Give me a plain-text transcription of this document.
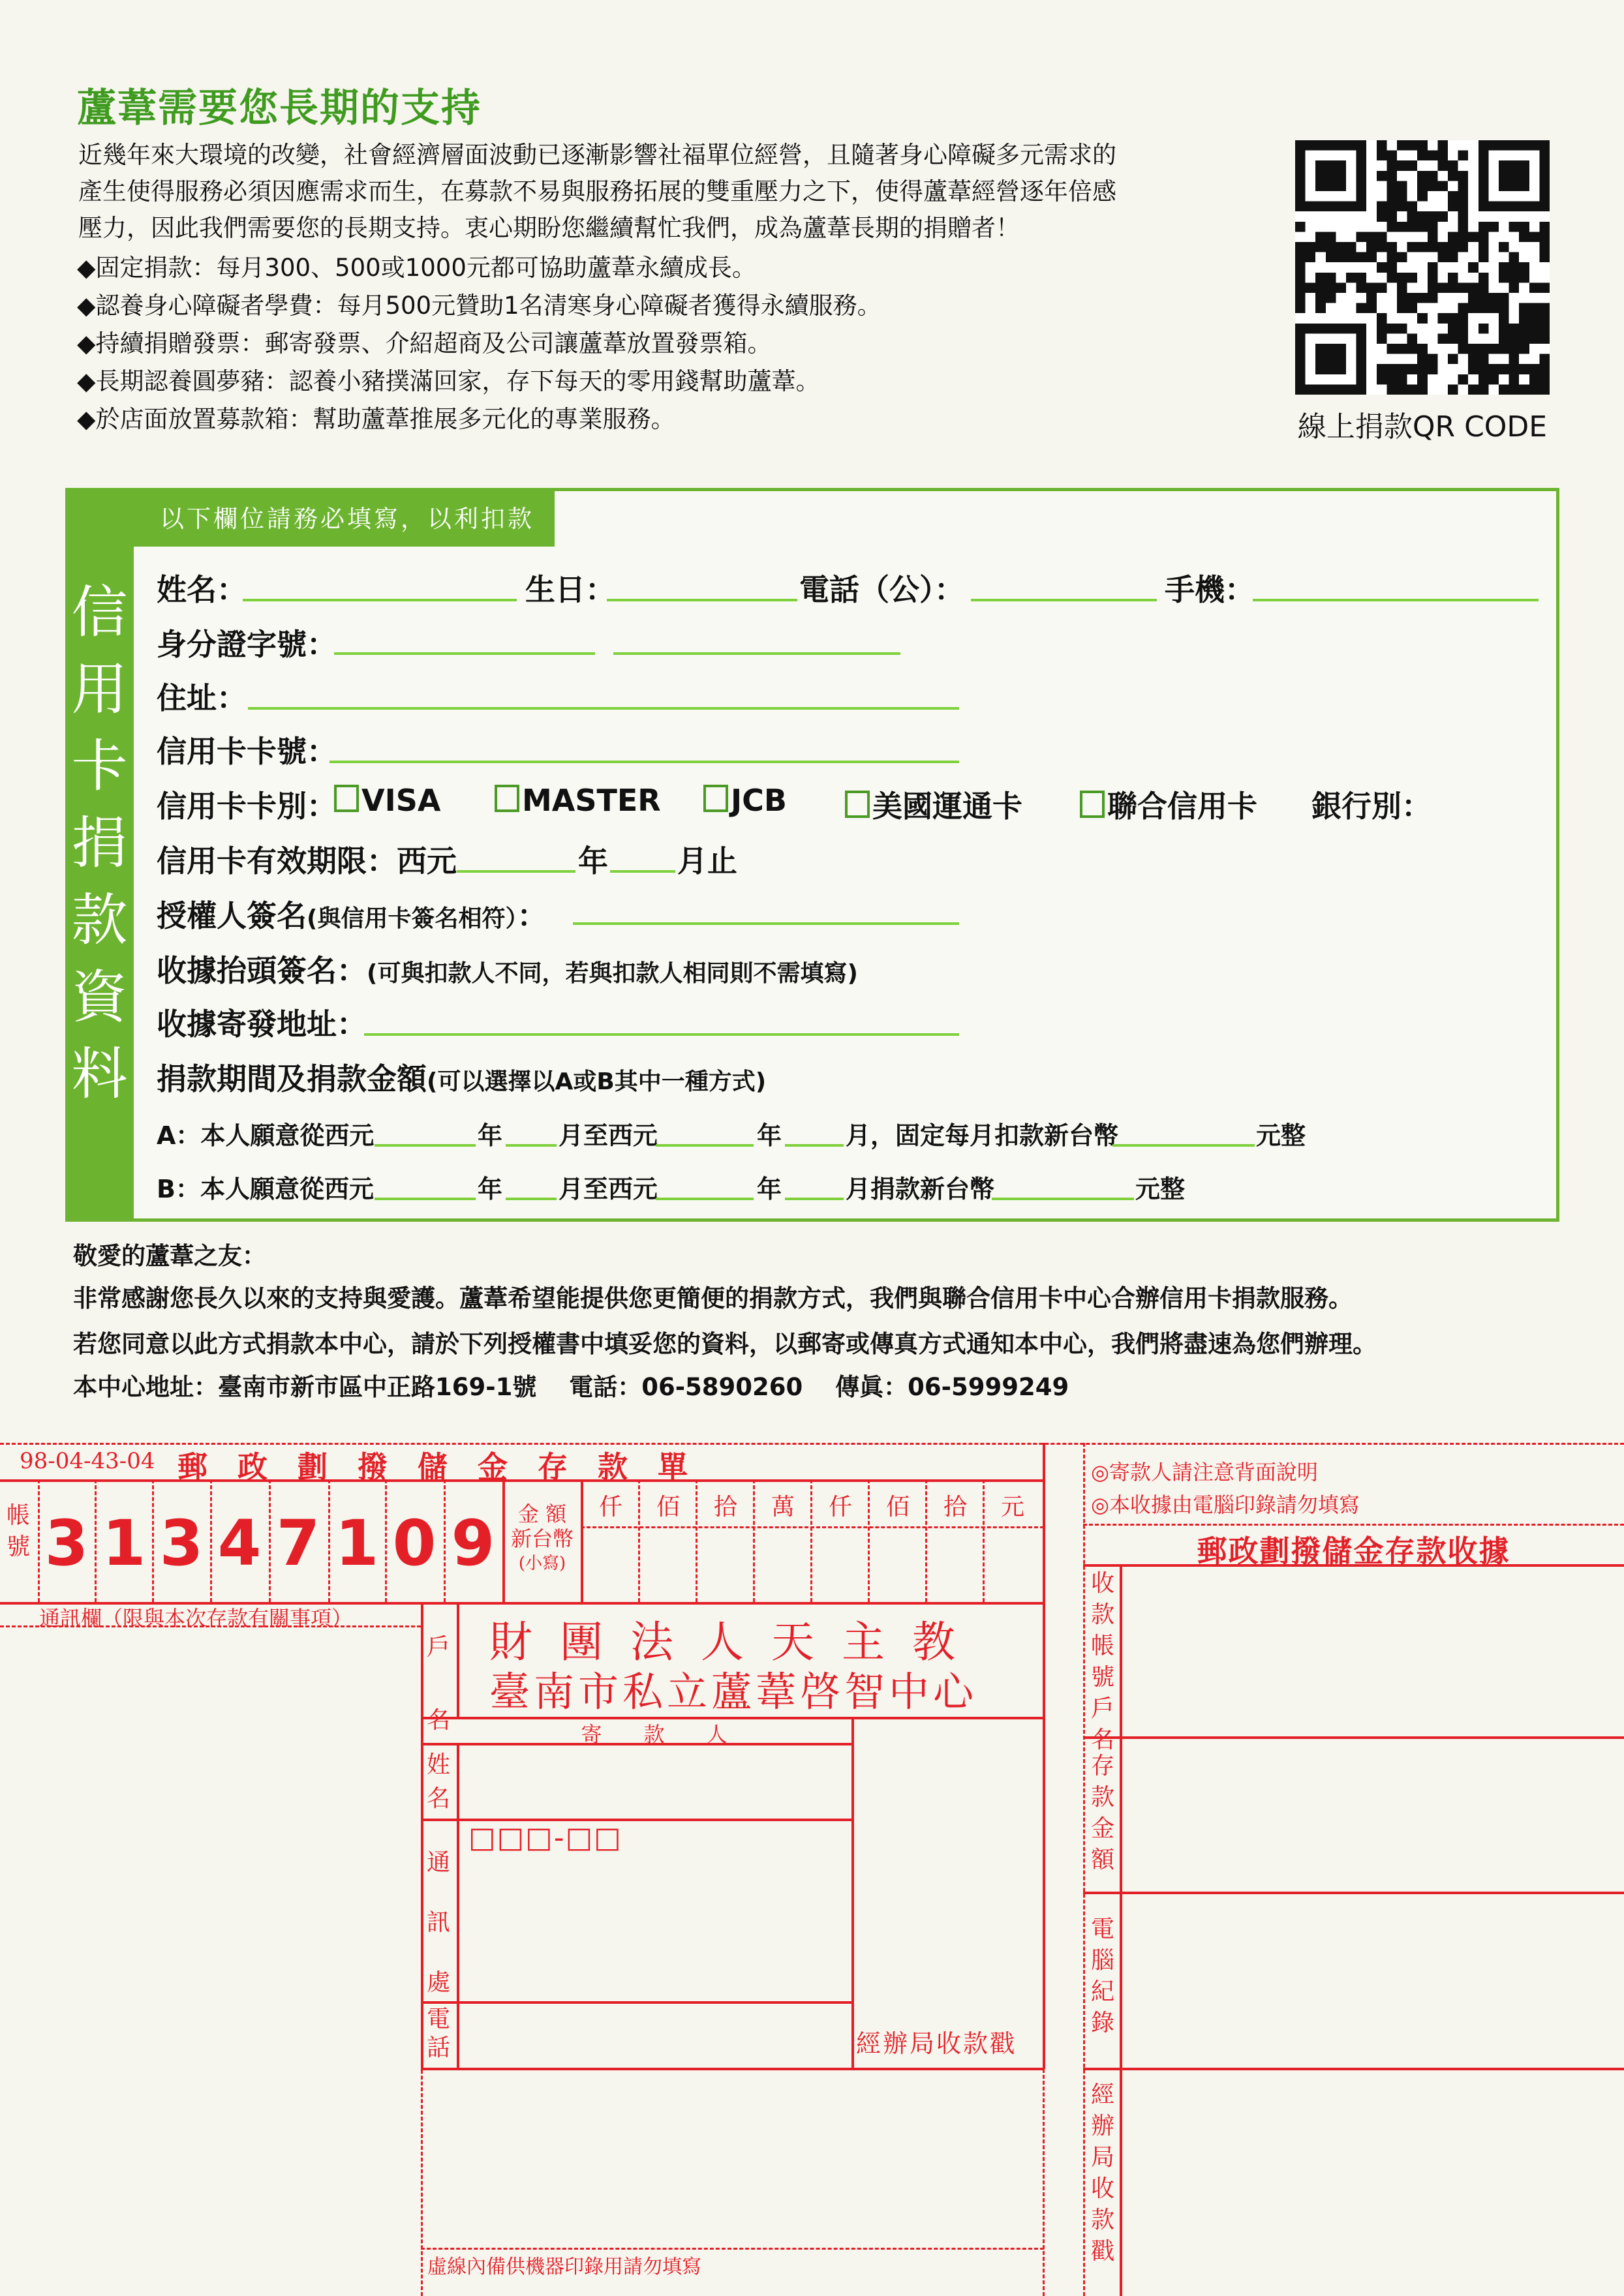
蘆葦需要您長期的支持
近幾年來大環境的改變，社會經濟層面波動已逐漸影響社福單位經營，且隨著身心障礙多元需求的
產生使得服務必須因應需求而生，在募款不易與服務拓展的雙重壓力之下，使得蘆葦經營逐年倍感
壓力，因此我們需要您的長期支持。衷心期盼您繼續幫忙我們，成為蘆葦長期的捐贈者！
◆固定捐款：每月300、500或1000元都可協助蘆葦永續成長。
◆認養身心障礙者學費：每月500元贊助1名清寒身心障礙者獲得永續服務。
◆持續捐贈發票：郵寄發票、介紹超商及公司讓蘆葦放置發票箱。
◆長期認養圓夢豬：認養小豬撲滿回家，存下每天的零用錢幫助蘆葦。
◆於店面放置募款箱：幫助蘆葦推展多元化的專業服務。	線上捐款QR CODE
信
用
卡
捐
款
資
料
以下欄位請務必填寫，以利扣款
姓名：	生日：	電話（公）：	手機：
身分證字號：
住址：
信用卡卡號：
信用卡卡別： VISA	MASTER	JCB	美國運通卡	聯合信用卡 銀行別：
信用卡有效期限：西元	年 月止
授權人簽名(與信用卡簽名相符）：
收據抬頭簽名：(可與扣款人不同，若與扣款人相同則不需填寫)
收據寄發地址：
捐款期間及捐款金額(可以選擇以A或B其中一種方式)
A：本人願意從西元	年 月至西元	年	月，固定每月扣款新台幣	元整
B：本人願意從西元	年 月至西元	年	月捐款新台幣	元整
敬愛的蘆葦之友：
非常感謝您長久以來的支持與愛護。蘆葦希望能提供您更簡便的捐款方式，我們與聯合信用卡中心合辦信用卡捐款服務。
若您同意以此方式捐款本中心，請於下列授權書中填妥您的資料，以郵寄或傳真方式通知本中心，我們將盡速為您們辦理。
本中心地址：臺南市新市區中正路169-1號　 電話：06-5890260　 傳眞：06-5999249
98-04-43-04 郵　政　劃　撥　儲　金　存　款　單
帳
號 3 1 3 4 7 1 0 9	金 額
新台幣
(小寫)
仟	佰	拾	萬	仟	佰	拾	元
通訊欄（限與本次存款有關事項）
戶
名
財團法人天主教
臺南市私立蘆葦啓智中心
寄　　款　　人
姓
名
通
訊
處
□□□-□□
電
話	經辦局收款戳
虛線內備供機器印錄用請勿填寫
◎寄款人請注意背面說明
◎本收據由電腦印錄請勿填寫
郵政劃撥儲金存款收據
收
款
帳
號
戶
名
存
款
金
額
電
腦
紀
錄
經
辦
局
收
款
戳
